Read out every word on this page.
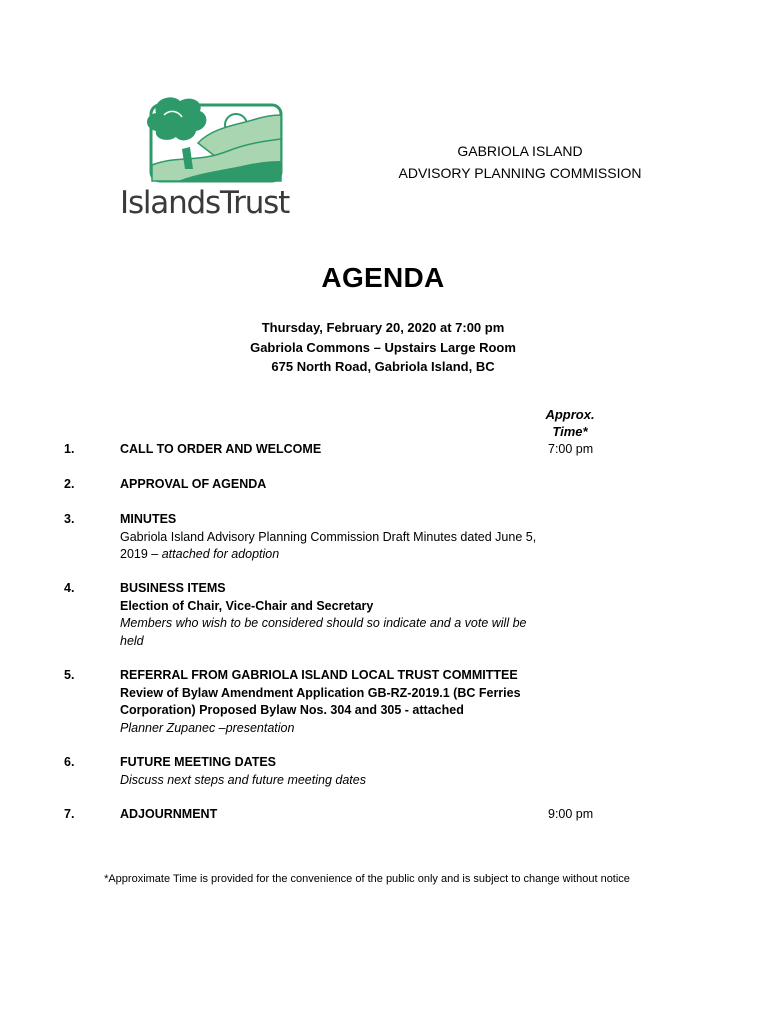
IslandsTrust
GABRIOLA ISLAND
ADVISORY PLANNING COMMISSION
AGENDA
Thursday, February 20, 2020 at 7:00 pm
Gabriola Commons – Upstairs Large Room
675 North Road, Gabriola Island, BC
Approx.
Time*
1.	CALL TO ORDER AND WELCOME	7:00 pm
2.	APPROVAL OF AGENDA
3.	MINUTES
Gabriola Island Advisory Planning Commission Draft Minutes dated June 5, 2019 – attached for adoption
4.	BUSINESS ITEMS
Election of Chair, Vice-Chair and Secretary
Members who wish to be considered should so indicate and a vote will be held
5.	REFERRAL FROM GABRIOLA ISLAND LOCAL TRUST COMMITTEE
Review of Bylaw Amendment Application GB-RZ-2019.1 (BC Ferries Corporation) Proposed Bylaw Nos. 304 and 305 - attached
Planner Zupanec –presentation
6.	FUTURE MEETING DATES
Discuss next steps and future meeting dates
7.	ADJOURNMENT	9:00 pm
*Approximate Time is provided for the convenience of the public only and is subject to change without notice
